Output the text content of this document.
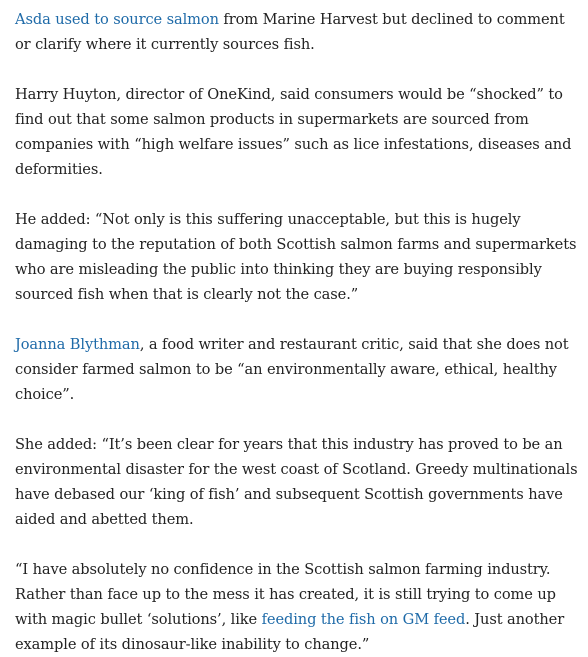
Asda used to source salmon from Marine Harvest but declined to comment or clarify where it currently sources fish.

Harry Huyton, director of OneKind, said consumers would be “shocked” to find out that some salmon products in supermarkets are sourced from companies with “high welfare issues” such as lice infestations, diseases and deformities.

He added: “Not only is this suffering unacceptable, but this is hugely damaging to the reputation of both Scottish salmon farms and supermarkets who are misleading the public into thinking they are buying responsibly sourced fish when that is clearly not the case.”

Joanna Blythman, a food writer and restaurant critic, said that she does not consider farmed salmon to be “an environmentally aware, ethical, healthy choice”.

She added: “It’s been clear for years that this industry has proved to be an environmental disaster for the west coast of Scotland. Greedy multinationals have debased our ‘king of fish’ and subsequent Scottish governments have aided and abetted them.

“I have absolutely no confidence in the Scottish salmon farming industry. Rather than face up to the mess it has created, it is still trying to come up with magic bullet ‘solutions’, like feeding the fish on GM feed. Just another example of its dinosaur-like inability to change.”
